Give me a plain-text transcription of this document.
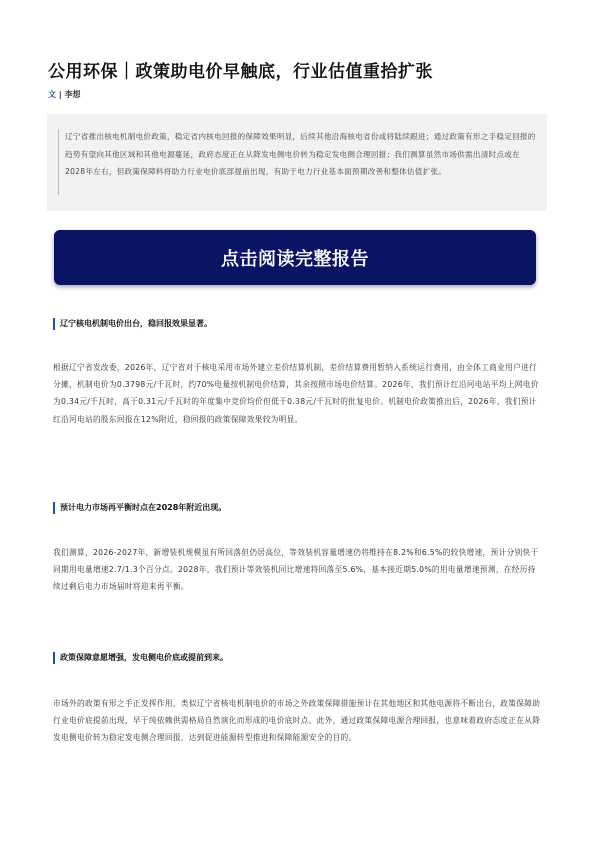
公用环保｜政策助电价早触底，行业估值重拾扩张
文 | 李想

辽宁省推出核电机制电价政策，稳定省内核电回报的保障效果明显，后续其他沿海核电省份或将陆续跟进；通过政策有形之手稳定回报的趋势有望向其他区域和其他电源蔓延，政府态度正在从降发电侧电价转为稳定发电侧合理回报；我们测算虽然市场供需出清时点或在2028年左右，但政策保障料将助力行业电价底部提前出现，有助于电力行业基本面预期改善和整体估值扩张。

点击阅读完整报告
辽宁核电机制电价出台，稳回报效果显著。

根据辽宁省发改委，2026年，辽宁省对于核电采用市场外建立差价结算机制，差价结算费用暂纳入系统运行费用，由全体工商业用户进行分摊，机制电价为0.3798元/千瓦时，约70%电量按机制电价结算，其余按照市场电价结算。2026年，我们预计红沿河电站平均上网电价为0.34元/千瓦时，高于0.31元/千瓦时的年度集中竞价均价但低于0.38元/千瓦时的批复电价。机制电价政策推出后，2026年，我们预计红沿河电站的股东回报在12%附近，稳回报的政策保障效果较为明显。

预计电力市场再平衡时点在2028年附近出现。

我们测算，2026-2027年，新增装机规模虽有所回落但仍居高位，等效装机容量增速仍将维持在8.2%和6.5%的较快增速，预计分别快于同期用电量增速2.7/1.3个百分点。2028年，我们预计等效装机同比增速将回落至5.6%，基本接近期5.0%的用电量增速预测，在经历持续过剩后电力市场届时将迎来再平衡。

政策保障意愿增强，发电侧电价底或提前到来。

市场外的政策有形之手正发挥作用，类似辽宁省核电机制电价的市场之外政策保障措施预计在其他地区和其他电源将不断出台，政策保障助行业电价底提前出现，早于纯依赖供需格局自然演化而形成的电价底时点。此外，通过政策保障电源合理回报，也意味着政府态度正在从降发电侧电价转为稳定发电侧合理回报，达到促进能源转型推进和保障能源安全的目的。
